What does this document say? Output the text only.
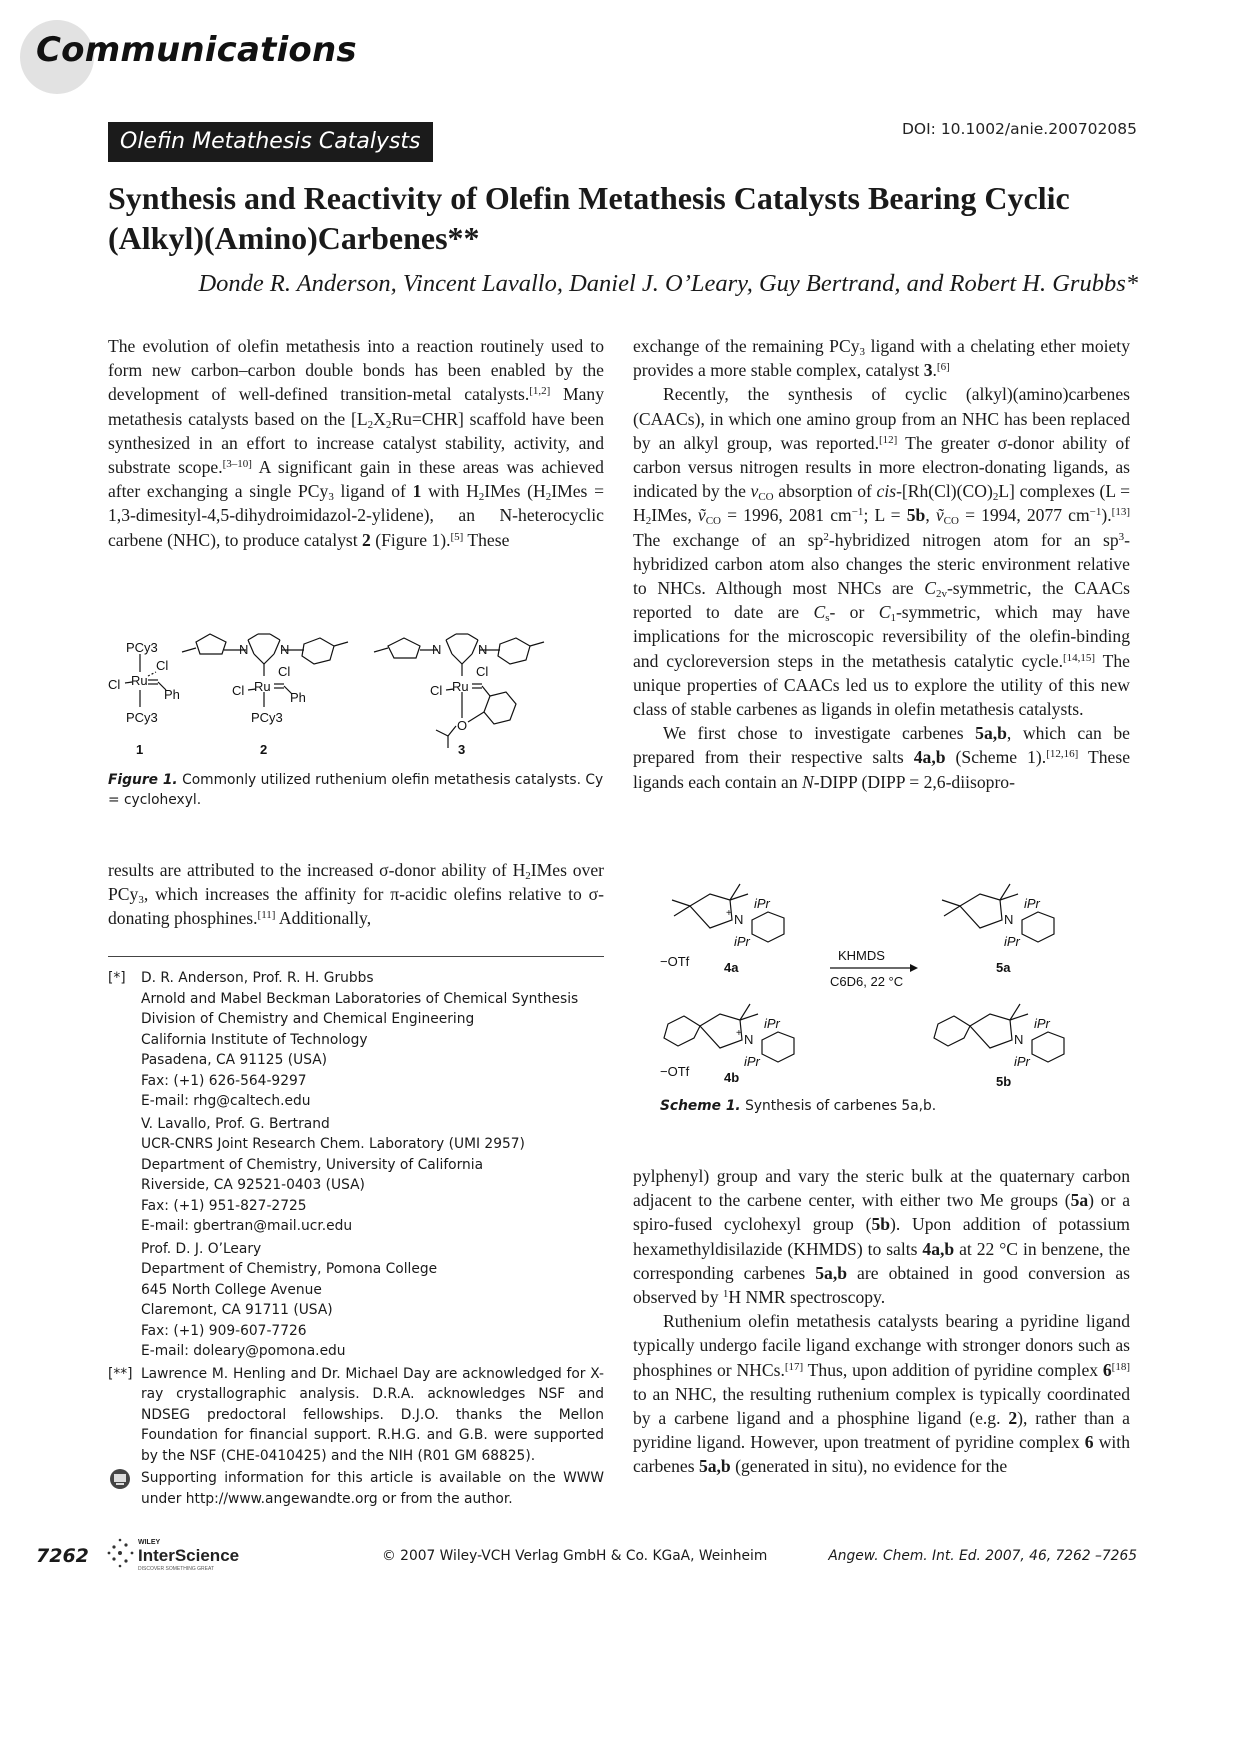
Communications
Olefin Metathesis Catalysts	DOI: 10.1002/anie.200702085
Synthesis and Reactivity of Olefin Metathesis Catalysts Bearing Cyclic (Alkyl)(Amino)Carbenes**
Donde R. Anderson, Vincent Lavallo, Daniel J. O’Leary, Guy Bertrand, and Robert H. Grubbs*

The evolution of olefin metathesis into a reaction routinely used to form new carbon–carbon double bonds has been enabled by the development of well-defined transition-metal catalysts.[1,2] Many metathesis catalysts based on the $[L_2X_2Ru=CHR]$ scaffold have been synthesized in an effort to increase catalyst stability, activity, and substrate scope.[3–10] A significant gain in these areas was achieved after exchanging a single PCy$_3$ ligand of 1 with $H_2IMes$ ($H_2IMes$ = 1,3-dimesityl-4,5-dihydroimidazol-2-ylidene), an N-heterocyclic carbene (NHC), to produce catalyst 2 (Figure 1).[5] These

PCy3
Cl
Ru
Cl
Ph
PCy3
1
N N
Cl
Ru
Cl	Ph
PCy3
2
N	N
Cl
Ru
Cl
O
3
Figure 1. Commonly utilized ruthenium olefin metathesis catalysts. Cy = cyclohexyl.

results are attributed to the increased σ-donor ability of $H_2IMes$ over PCy$_3$, which increases the affinity for π-acidic olefins relative to σ-donating phosphines.[11] Additionally,

[*] D. R. Anderson, Prof. R. H. Grubbs
Arnold and Mabel Beckman Laboratories of Chemical Synthesis
Division of Chemistry and Chemical Engineering
California Institute of Technology
Pasadena, CA 91125 (USA)
Fax: (+1) 626-564-9297
E-mail: rhg@caltech.edu
V. Lavallo, Prof. G. Bertrand
UCR-CNRS Joint Research Chem. Laboratory (UMI 2957)
Department of Chemistry, University of California
Riverside, CA 92521-0403 (USA)
Fax: (+1) 951-827-2725
E-mail: gbertran@mail.ucr.edu
Prof. D. J. O’Leary
Department of Chemistry, Pomona College
645 North College Avenue
Claremont, CA 91711 (USA)
Fax: (+1) 909-607-7726
E-mail: doleary@pomona.edu
[**] Lawrence M. Henling and Dr. Michael Day are acknowledged for X-ray crystallographic analysis. D.R.A. acknowledges NSF and NDSEG predoctoral fellowships. D.J.O. thanks the Mellon Foundation for financial support. R.H.G. and G.B. were supported by the NSF (CHE-0410425) and the NIH (R01 GM 68825).
Supporting information for this article is available on the WWW under http://www.angewandte.org or from the author.

exchange of the remaining PCy$_3$ ligand with a chelating ether moiety provides a more stable complex, catalyst 3.[6]

Recently, the synthesis of cyclic (alkyl)(amino)carbenes (CAACs), in which one amino group from an NHC has been replaced by an alkyl group, was reported.[12] The greater σ-donor ability of carbon versus nitrogen results in more electron-donating ligands, as indicated by the $\nu_{CO}$ absorption of cis-$[Rh(Cl)(CO)_2L]$ complexes ($L = H_2IMes$, ṽ$_{CO}$ = 1996, 2081 $cm^{-1}$; L = 5b, ṽ$_{CO}$ = 1994, 2077 $cm^{-1}).[13]$ The exchange of an $sp^2$-hybridized nitrogen atom for an $sp^3$-hybridized carbon atom also changes the steric environment relative to NHCs. Although most NHCs are $C_{2v}$-symmetric, the CAACs reported to date are $C_s-$ or $C_1$-symmetric, which may have implications for the microscopic reversibility of the olefin-binding and cycloreversion steps in the metathesis catalytic cycle.[14,15] The unique properties of CAACs led us to explore the utility of this new class of stable carbenes as ligands in olefin metathesis catalysts.

We first chose to investigate carbenes 5a,b, which can be prepared from their respective salts 4a,b (Scheme 1).[12,16] These ligands each contain an N-DIPP (DIPP = 2,6-diisopro-

N
+
iPr
iPr
−OTf	4a
KHMDS
C6D6, 22 °C
N
iPr
iPr
5a
N
+
iPr
iPr
−OTf	4b
N
iPr
iPr
5b
Scheme 1. Synthesis of carbenes 5a,b.

pylphenyl) group and vary the steric bulk at the quaternary carbon adjacent to the carbene center, with either two Me groups (5a) or a spiro-fused cyclohexyl group (5b). Upon addition of potassium hexamethyldisilazide (KHMDS) to salts 4a,b at 22 °C in benzene, the corresponding carbenes 5a,b are obtained in good conversion as observed by $^1$H NMR spectroscopy.

Ruthenium olefin metathesis catalysts bearing a pyridine ligand typically undergo facile ligand exchange with stronger donors such as phosphines or NHCs.[17] Thus, upon addition of pyridine complex 6[18] to an NHC, the resulting ruthenium complex is typically coordinated by a carbene ligand and a phosphine ligand (e.g. 2), rather than a pyridine ligand. However, upon treatment of pyridine complex 6 with carbenes 5a,b (generated in situ), no evidence for the

7262
WILEY
InterScience
DISCOVER SOMETHING GREAT
© 2007 Wiley-VCH Verlag GmbH & Co. KGaA, Weinheim	Angew. Chem. Int. Ed. 2007, 46, 7262 –7265
